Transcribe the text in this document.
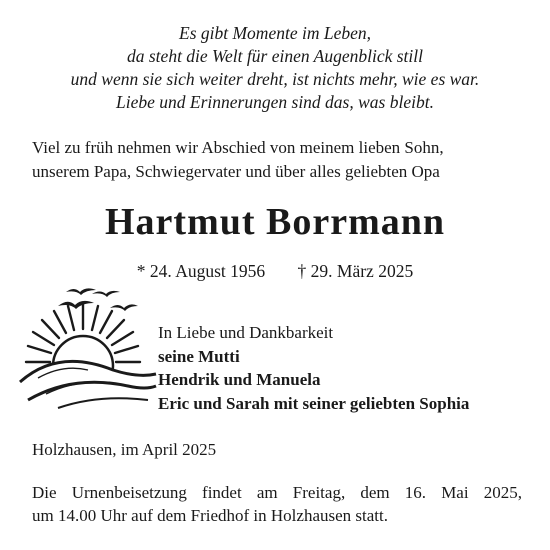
Es gibt Momente im Leben,
da steht die Welt für einen Augenblick still
und wenn sie sich weiter dreht, ist nichts mehr, wie es war.
Liebe und Erinnerungen sind das, was bleibt.
Viel zu früh nehmen wir Abschied von meinem lieben Sohn,
unserem Papa, Schwiegervater und über alles geliebten Opa
Hartmut Borrmann
* 24. August 1956 † 29. März 2025
In Liebe und Dankbarkeit
seine Mutti
Hendrik und Manuela
Eric und Sarah mit seiner geliebten Sophia
Holzhausen, im April 2025
Die Urnenbeisetzung findet am Freitag, dem 16. Mai 2025,
um 14.00 Uhr auf dem Friedhof in Holzhausen statt.
